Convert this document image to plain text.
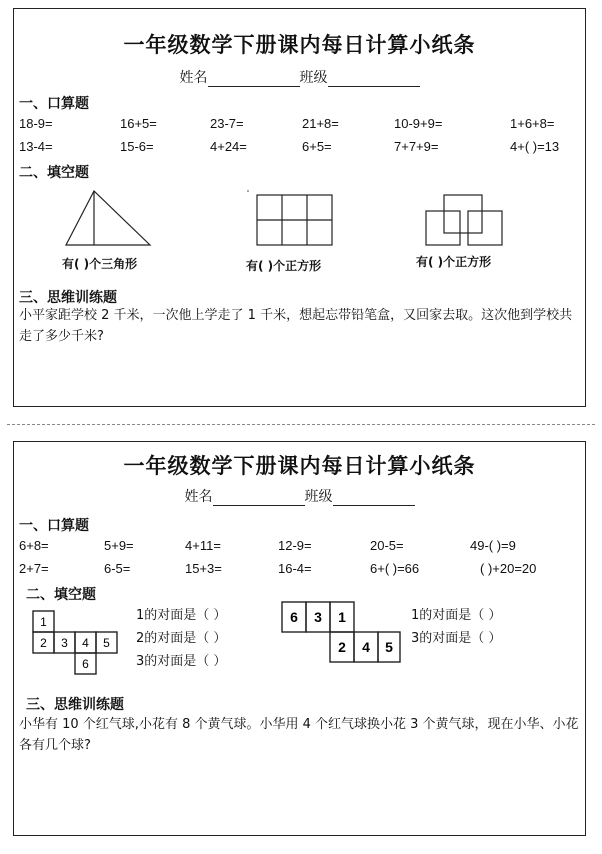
一年级数学下册课内每日计算小纸条
姓名	班级
一、口算题
18-9=	16+5=	23-7=	21+8=	10-9+9=	1+6+8=
13-4=	15-6=	4+24=	6+5=	7+7+9=	4+( )=13
二、填空题
有( )个三角形	有( )个正方形	有( )个正方形
三、思维训练题
小平家距学校 2 千米，一次他上学走了 1 千米，想起忘带铅笔盒，又回家去取。这次他到学校共走了多少千米?
一年级数学下册课内每日计算小纸条
姓名	班级
一、口算题
6+8=	5+9=	4+11=	12-9=	20-5=	49-( )=9
2+7=	6-5=	15+3=	16-4=	6+( )=66	( )+20=20
二、填空题
1
2 3 4 5
6
1的对面是（ ）
2的对面是（ ）
3的对面是（ ）
6 3 1
2 4 5
1的对面是（ ）
3的对面是（ ）
三、思维训练题
小华有 10 个红气球,小花有 8 个黄气球。小华用 4 个红气球换小花 3 个黄气球，现在小华、小花各有几个球?
